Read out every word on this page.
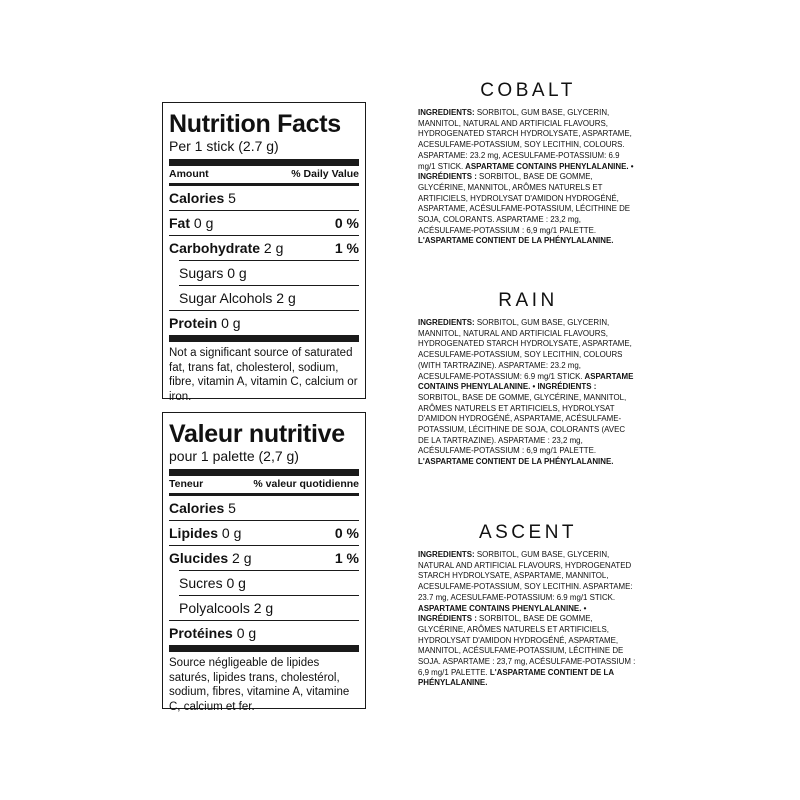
Nutrition Facts
Per 1 stick (2.7 g)
Amount	% Daily Value
Calories 5
Fat 0 g	0 %
Carbohydrate 2 g	1 %
Sugars 0 g
Sugar Alcohols 2 g
Protein 0 g
Not a significant source of saturated fat, trans fat, cholesterol, sodium, fibre, vitamin A, vitamin C, calcium or iron.
Valeur nutritive
pour 1 palette (2,7 g)
Teneur	% valeur quotidienne
Calories 5
Lipides 0 g	0 %
Glucides 2 g	1 %
Sucres 0 g
Polyalcools 2 g
Protéines 0 g
Source négligeable de lipides saturés, lipides trans, cholestérol, sodium, fibres, vitamine A, vitamine C, calcium et fer.
COBALT
INGREDIENTS: SORBITOL, GUM BASE, GLYCERIN, MANNITOL, NATURAL AND ARTIFICIAL FLAVOURS, HYDROGENATED STARCH HYDROLYSATE, ASPARTAME, ACESULFAME-POTASSIUM, SOY LECITHIN, COLOURS. ASPARTAME: 23.2 mg, ACESULFAME-POTASSIUM: 6.9 mg/1 STICK. ASPARTAME CONTAINS PHENYLALANINE. • INGRÉDIENTS : SORBITOL, BASE DE GOMME, GLYCÉRINE, MANNITOL, ARÔMES NATURELS ET ARTIFICIELS, HYDROLYSAT D'AMIDON HYDROGÉNÉ, ASPARTAME, ACÉSULFAME-POTASSIUM, LÉCITHINE DE SOJA, COLORANTS. ASPARTAME : 23,2 mg, ACÉSULFAME-POTASSIUM : 6,9 mg/1 PALETTE. L'ASPARTAME CONTIENT DE LA PHÉNYLALANINE.
RAIN
INGREDIENTS: SORBITOL, GUM BASE, GLYCERIN, MANNITOL, NATURAL AND ARTIFICIAL FLAVOURS, HYDROGENATED STARCH HYDROLYSATE, ASPARTAME, ACESULFAME-POTASSIUM, SOY LECITHIN, COLOURS (WITH TARTRAZINE). ASPARTAME: 23.2 mg, ACESULFAME-POTASSIUM: 6.9 mg/1 STICK. ASPARTAME CONTAINS PHENYLALANINE. • INGRÉDIENTS : SORBITOL, BASE DE GOMME, GLYCÉRINE, MANNITOL, ARÔMES NATURELS ET ARTIFICIELS, HYDROLYSAT D'AMIDON HYDROGÉNÉ, ASPARTAME, ACÉSULFAME-POTASSIUM, LÉCITHINE DE SOJA, COLORANTS (AVEC DE LA TARTRAZINE). ASPARTAME : 23,2 mg, ACÉSULFAME-POTASSIUM : 6,9 mg/1 PALETTE. L'ASPARTAME CONTIENT DE LA PHÉNYLALANINE.
ASCENT
INGREDIENTS: SORBITOL, GUM BASE, GLYCERIN, NATURAL AND ARTIFICIAL FLAVOURS, HYDROGENATED STARCH HYDROLYSATE, ASPARTAME, MANNITOL, ACESULFAME-POTASSIUM, SOY LECITHIN. ASPARTAME: 23.7 mg, ACESULFAME-POTASSIUM: 6.9 mg/1 STICK. ASPARTAME CONTAINS PHENYLALANINE. • INGRÉDIENTS : SORBITOL, BASE DE GOMME, GLYCÉRINE, ARÔMES NATURELS ET ARTIFICIELS, HYDROLYSAT D'AMIDON HYDROGÉNÉ, ASPARTAME, MANNITOL, ACÉSULFAME-POTASSIUM, LÉCITHINE DE SOJA. ASPARTAME : 23,7 mg, ACÉSULFAME-POTASSIUM : 6,9 mg/1 PALETTE. L'ASPARTAME CONTIENT DE LA PHÉNYLALANINE.
